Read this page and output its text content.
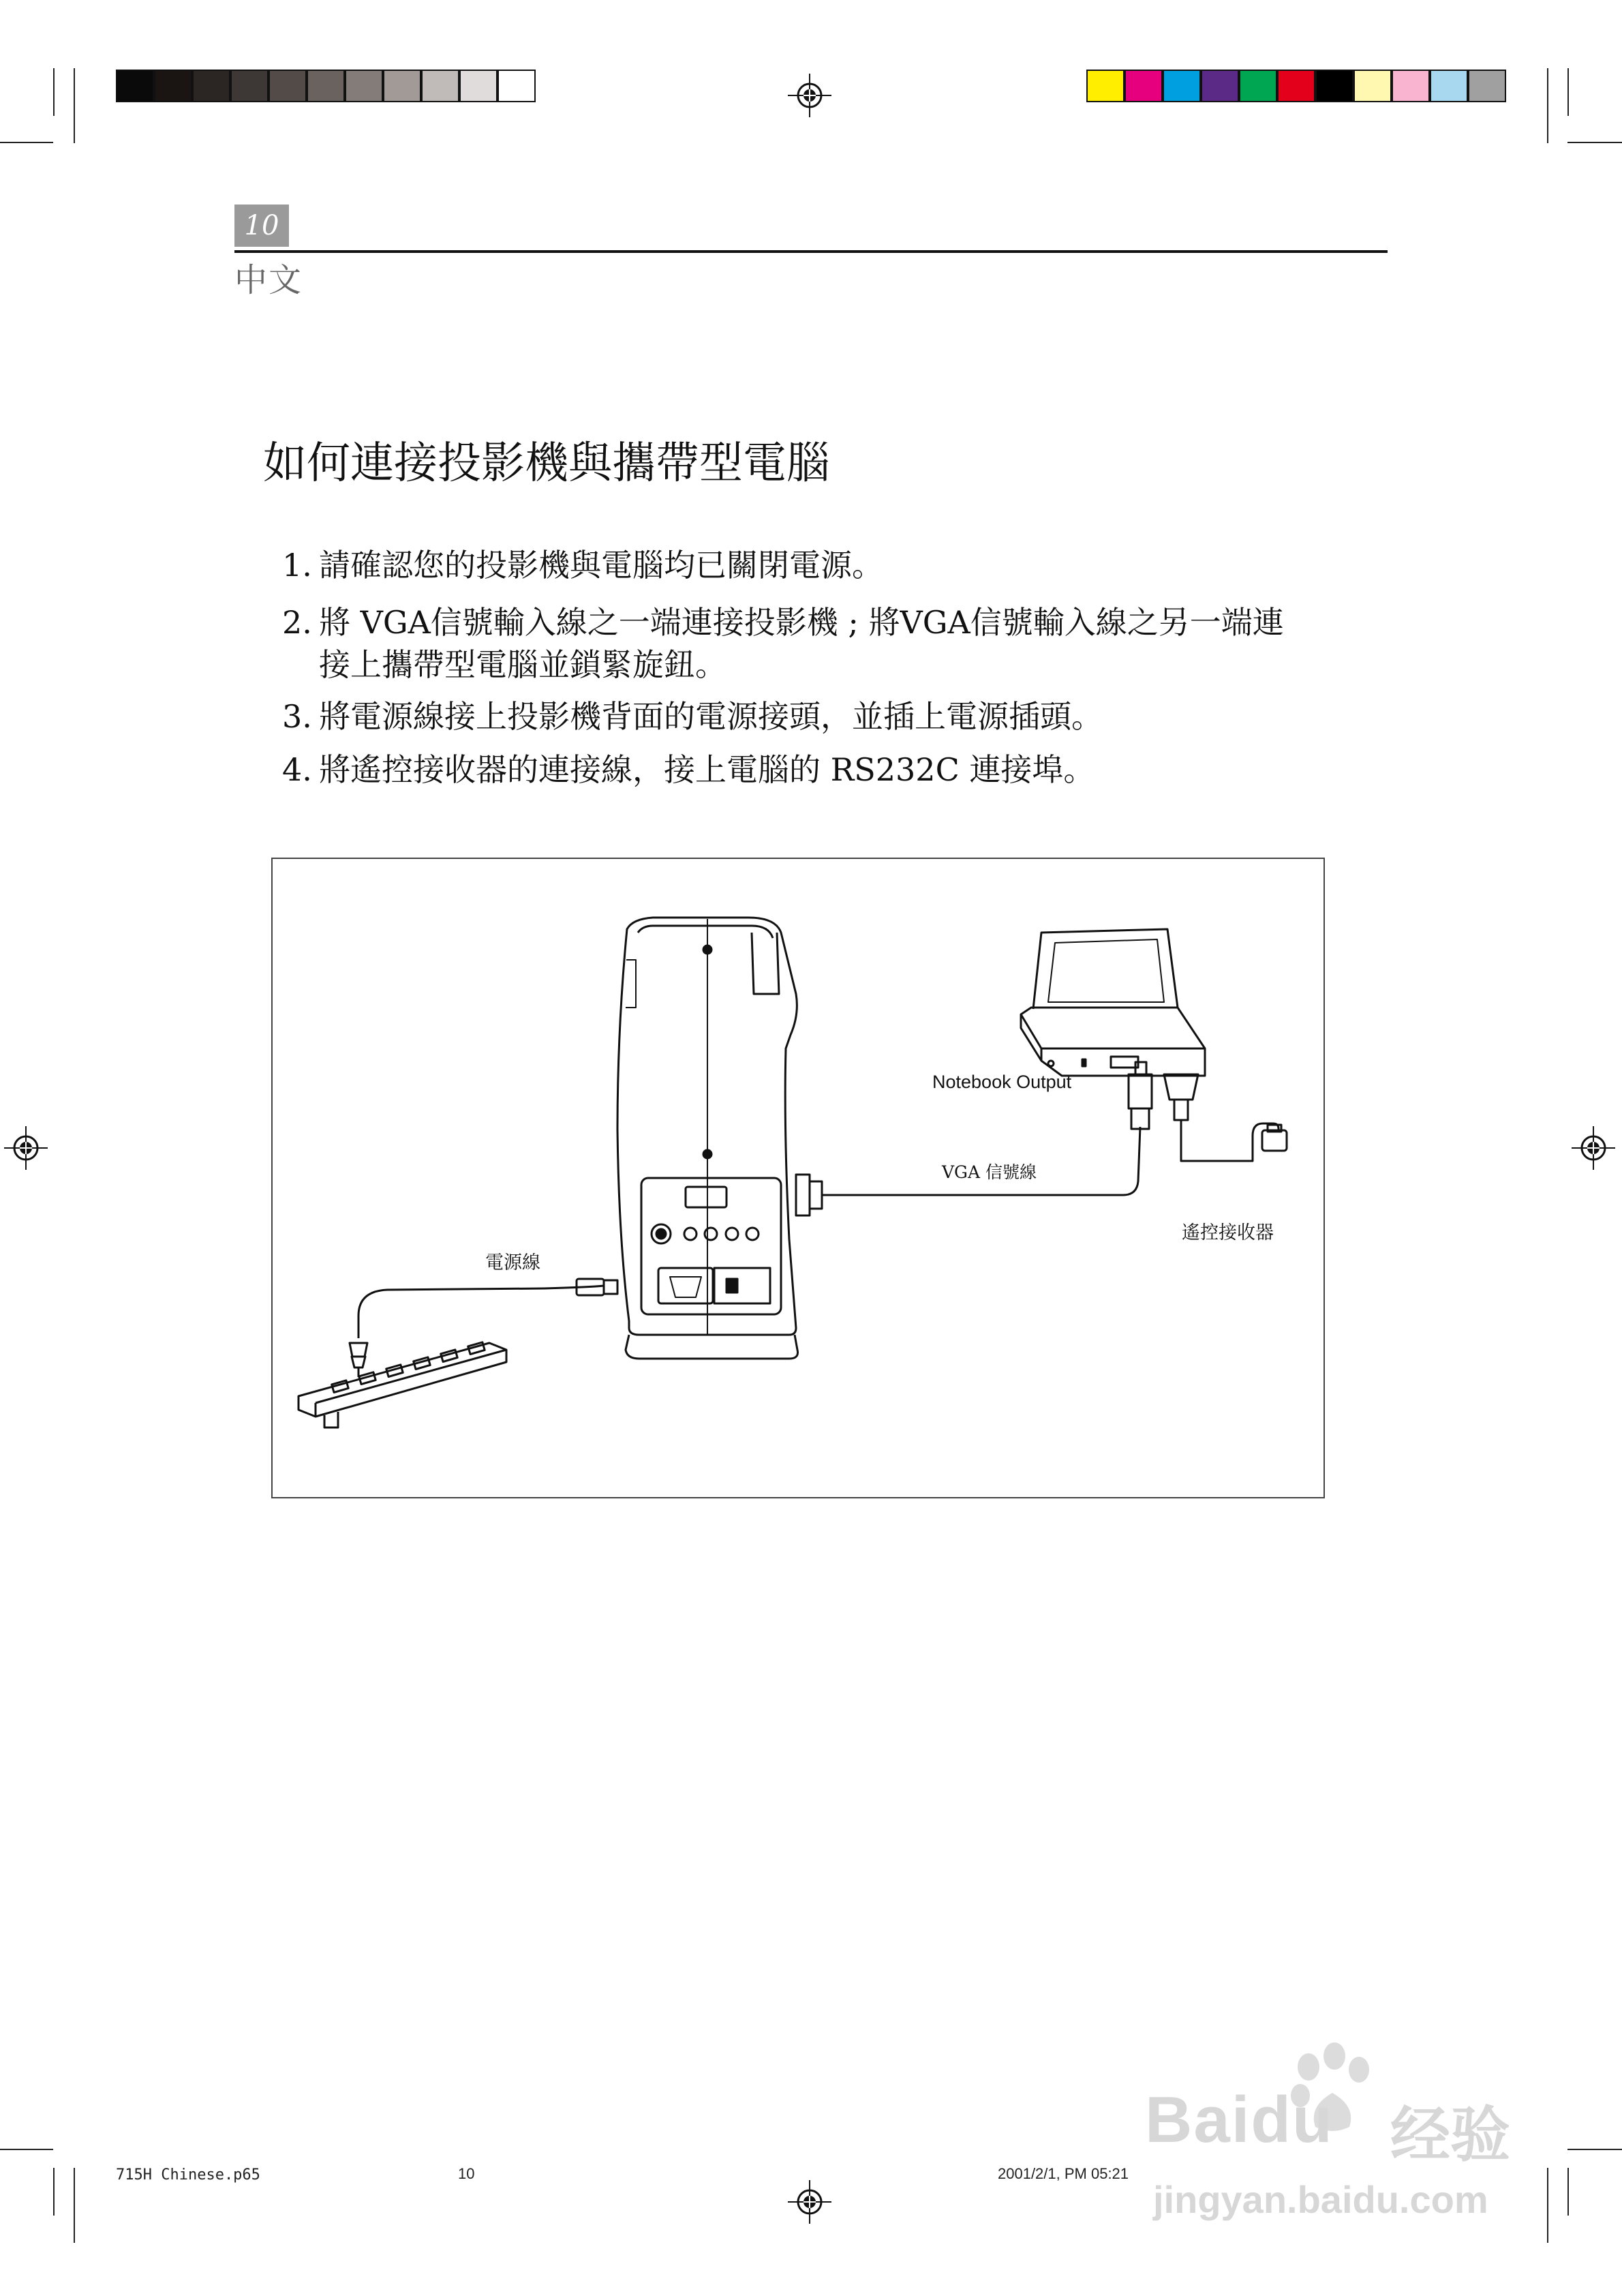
10
中文
如何連接投影機與攜帶型電腦
1. 請確認您的投影機與電腦均已關閉電源。
2. 將 VGA信號輸入線之一端連接投影機 ; 將VGA信號輸入線之另一端連
接上攜帶型電腦並鎖緊旋鈕。
3. 將電源線接上投影機背面的電源接頭，並插上電源插頭。
4. 將遙控接收器的連接線，接上電腦的 RS232C 連接埠。
Notebook Output
VGA 信號線
電源線
遙控接收器
715H Chinese.p65	10	2001/2/1, PM 05:21
Baidu 经验
jingyan.baidu.com
